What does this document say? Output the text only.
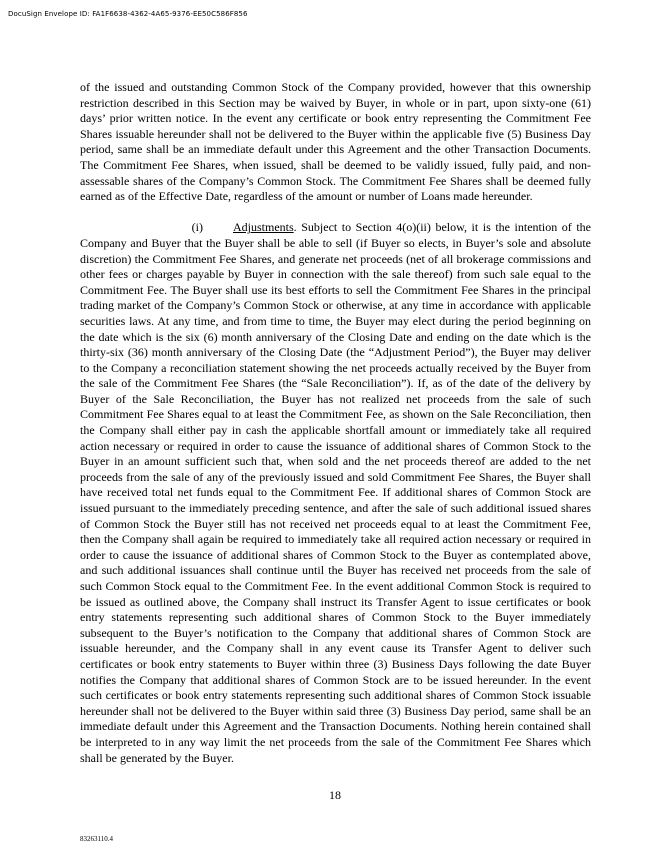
DocuSign Envelope ID: FA1F6638-4362-4A65-9376-EE50C586F856

of the issued and outstanding Common Stock of the Company provided, however that this ownership restriction described in this Section may be waived by Buyer, in whole or in part, upon sixty-one (61) days’ prior written notice. In the event any certificate or book entry representing the Commitment Fee Shares issuable hereunder shall not be delivered to the Buyer within the applicable five (5) Business Day period, same shall be an immediate default under this Agreement and the other Transaction Documents. The Commitment Fee Shares, when issued, shall be deemed to be validly issued, fully paid, and non-assessable shares of the Company’s Common Stock. The Commitment Fee Shares shall be deemed fully earned as of the Effective Date, regardless of the amount or number of Loans made hereunder.

(i)	Adjustments. Subject to Section 4(o)(ii) below, it is the intention of the Company and Buyer that the Buyer shall be able to sell (if Buyer so elects, in Buyer’s sole and absolute discretion) the Commitment Fee Shares, and generate net proceeds (net of all brokerage commissions and other fees or charges payable by Buyer in connection with the sale thereof) from such sale equal to the Commitment Fee. The Buyer shall use its best efforts to sell the Commitment Fee Shares in the principal trading market of the Company’s Common Stock or otherwise, at any time in accordance with applicable securities laws. At any time, and from time to time, the Buyer may elect during the period beginning on the date which is the six (6) month anniversary of the Closing Date and ending on the date which is the thirty-six (36) month anniversary of the Closing Date (the “Adjustment Period”), the Buyer may deliver to the Company a reconciliation statement showing the net proceeds actually received by the Buyer from the sale of the Commitment Fee Shares (the “Sale Reconciliation”). If, as of the date of the delivery by Buyer of the Sale Reconciliation, the Buyer has not realized net proceeds from the sale of such Commitment Fee Shares equal to at least the Commitment Fee, as shown on the Sale Reconciliation, then the Company shall either pay in cash the applicable shortfall amount or immediately take all required action necessary or required in order to cause the issuance of additional shares of Common Stock to the Buyer in an amount sufficient such that, when sold and the net proceeds thereof are added to the net proceeds from the sale of any of the previously issued and sold Commitment Fee Shares, the Buyer shall have received total net funds equal to the Commitment Fee. If additional shares of Common Stock are issued pursuant to the immediately preceding sentence, and after the sale of such additional issued shares of Common Stock the Buyer still has not received net proceeds equal to at least the Commitment Fee, then the Company shall again be required to immediately take all required action necessary or required in order to cause the issuance of additional shares of Common Stock to the Buyer as contemplated above, and such additional issuances shall continue until the Buyer has received net proceeds from the sale of such Common Stock equal to the Commitment Fee. In the event additional Common Stock is required to be issued as outlined above, the Company shall instruct its Transfer Agent to issue certificates or book entry statements representing such additional shares of Common Stock to the Buyer immediately subsequent to the Buyer’s notification to the Company that additional shares of Common Stock are issuable hereunder, and the Company shall in any event cause its Transfer Agent to deliver such certificates or book entry statements to Buyer within three (3) Business Days following the date Buyer notifies the Company that additional shares of Common Stock are to be issued hereunder. In the event such certificates or book entry statements representing such additional shares of Common Stock issuable hereunder shall not be delivered to the Buyer within said three (3) Business Day period, same shall be an immediate default under this Agreement and the Transaction Documents. Nothing herein contained shall be interpreted to in any way limit the net proceeds from the sale of the Commitment Fee Shares which shall be generated by the Buyer.

18
83263110.4
